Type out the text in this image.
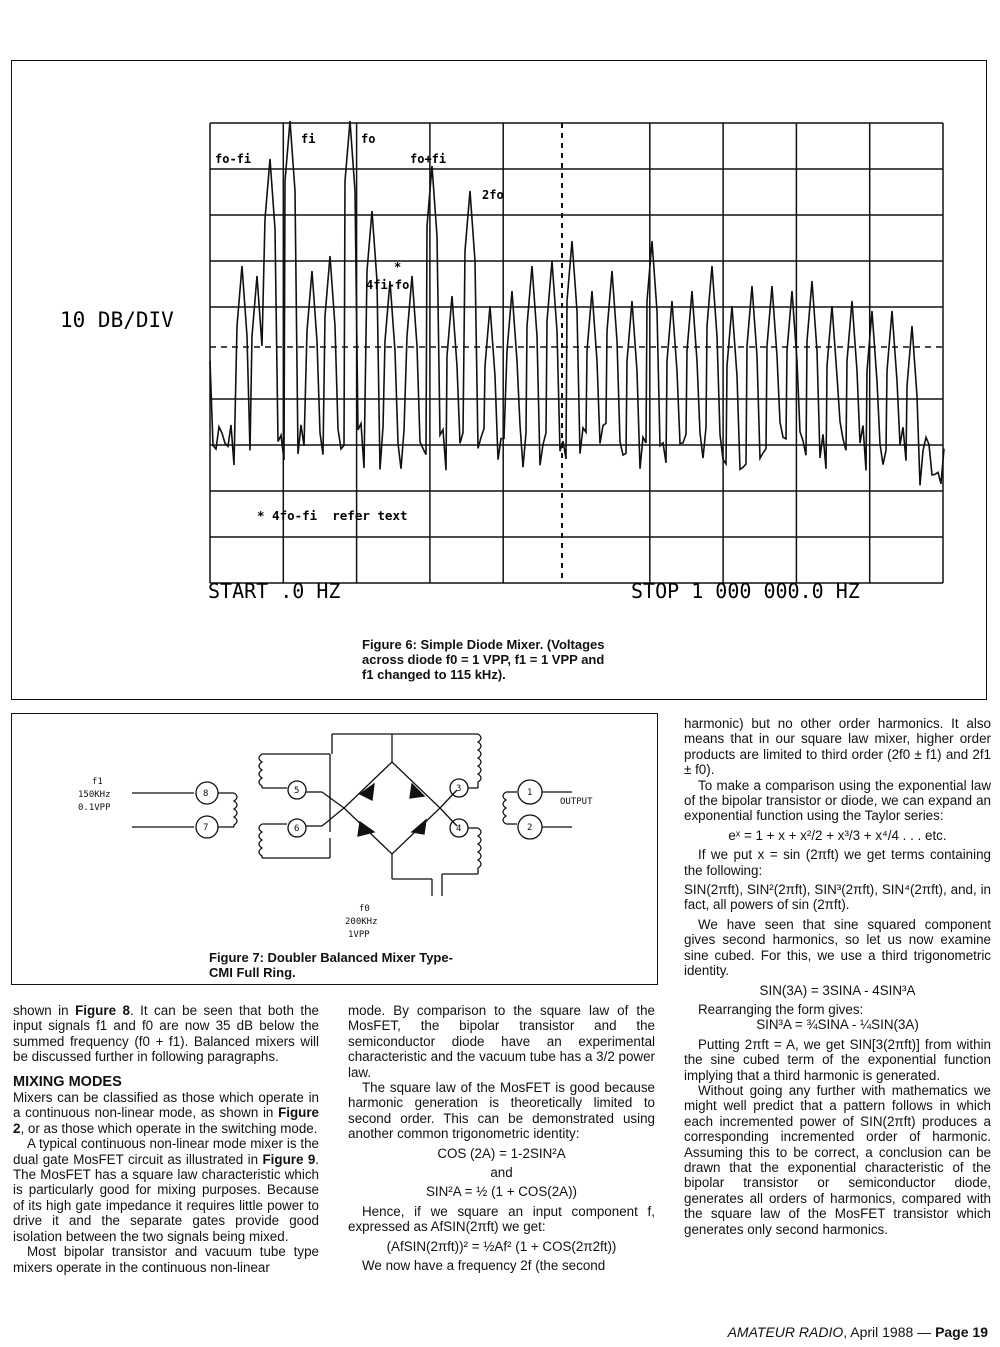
fo-fi
fi	fo
fo+fi
2fo
*
4fi-fo
* 4fo-fi  refer text
10 DB/DIV
START .0 HZ	STOP 1 000 000.0 HZ
Figure 6: Simple Diode Mixer. (Voltages
across diode f0 = 1 VPP, f1 = 1 VPP and
f1 changed to 115 kHz).
8
7
5
6
3
4
1
2
f1
150KHz
0.1VPP
OUTPUT
f0
200KHz
1VPP
Figure 7: Doubler Balanced Mixer Type-
CMI Full Ring.

shown in Figure 8. It can be seen that both the input signals f1 and f0 are now 35 dB below the summed frequency (f0 + f1). Balanced mixers will be discussed further in following paragraphs.

MIXING MODES

Mixers can be classified as those which operate in a continuous non-linear mode, as shown in Figure 2, or as those which operate in the switching mode.

A typical continuous non-linear mode mixer is the dual gate MosFET circuit as illustrated in Figure 9. The MosFET has a square law characteristic which is particularly good for mixing purposes. Because of its high gate impedance it requires little power to drive it and the separate gates provide good isolation between the two signals being mixed.

Most bipolar transistor and vacuum tube type mixers operate in the continuous non-linear

mode. By comparison to the square law of the MosFET, the bipolar transistor and the semiconductor diode have an experimental characteristic and the vacuum tube has a 3/2 power law.

The square law of the MosFET is good because harmonic generation is theoretically limited to second order. This can be demonstrated using another common trigonometric identity:

COS (2A) = 1-2SIN²A
and
SIN²A = ½ (1 + COS(2A))

Hence, if we square an input component f, expressed as AfSIN(2πft) we get:

(AfSIN(2πft))² = ½Af² (1 + COS(2π2ft))

We now have a frequency 2f (the second

harmonic) but no other order harmonics. It also means that in our square law mixer, higher order products are limited to third order (2f0 ± f1) and 2f1 ± f0).

To make a comparison using the exponential law of the bipolar transistor or diode, we can expand an exponential function using the Taylor series:

eˣ = 1 + x + x²/2 + x³/3 + x⁴/4 . . . etc.

If we put x = sin (2πft) we get terms containing the following:

SIN(2πft), SIN²(2πft), SIN³(2πft), SIN⁴(2πft), and, in fact, all powers of sin (2πft).

We have seen that sine squared component gives second harmonics, so let us now examine sine cubed. For this, we use a third trigonometric identity.

SIN(3A) = 3SINA - 4SIN³A

Rearranging the form gives:

SIN³A = ¾SINA - ¼SIN(3A)

Putting 2πft = A, we get SIN[3(2πft)] from within the sine cubed term of the exponential function implying that a third harmonic is generated.

Without going any further with mathematics we might well predict that a pattern follows in which each incremented power of SIN(2πft) produces a corresponding incremented order of harmonic. Assuming this to be correct, a conclusion can be drawn that the exponential characteristic of the bipolar transistor or semiconductor diode, generates all orders of harmonics, compared with the square law of the MosFET transistor which generates only second harmonics.

AMATEUR RADIO, April 1988 — Page 19
